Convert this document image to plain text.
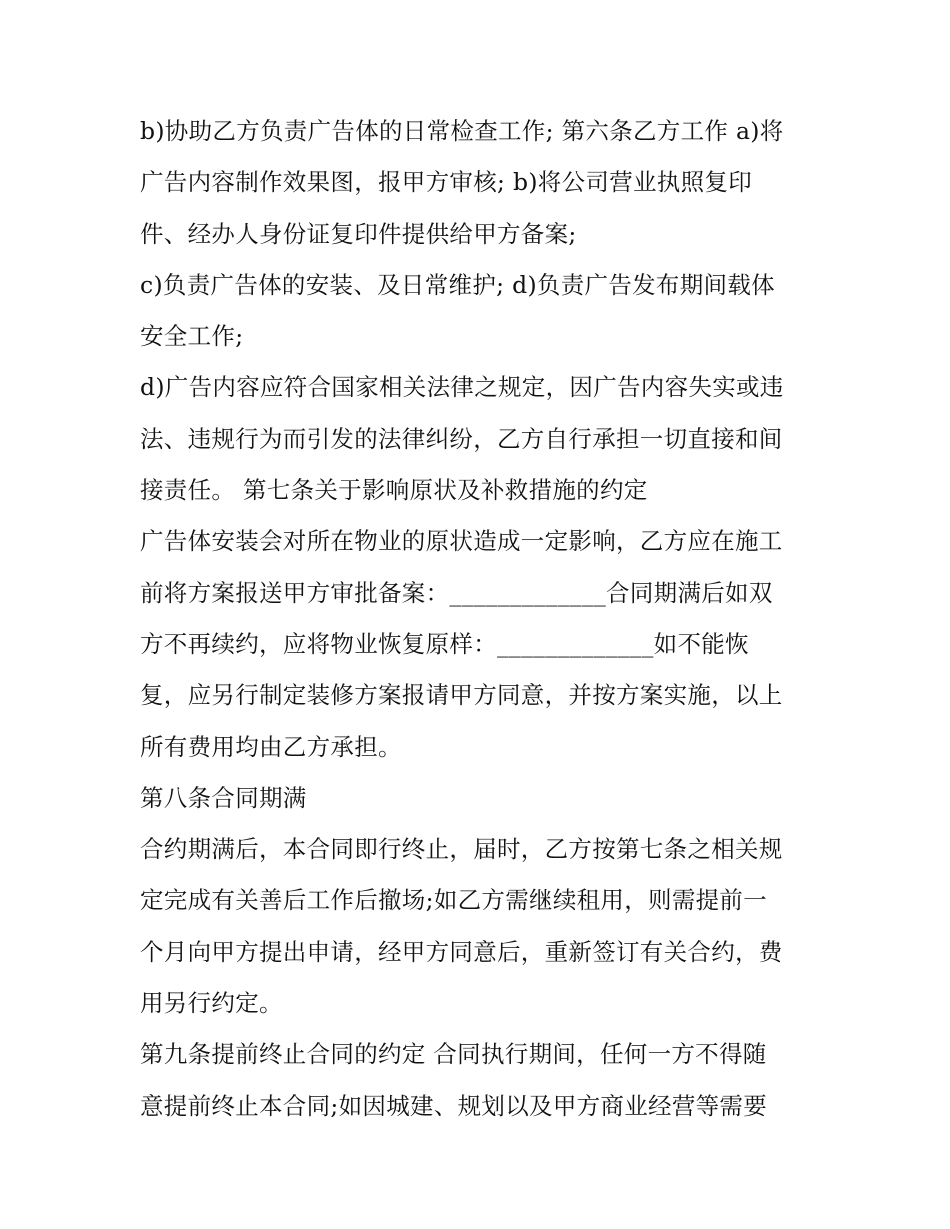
b)协助乙方负责广告体的日常检查工作; 第六条乙方工作 a)将
广告内容制作效果图，报甲方审核; b)将公司营业执照复印
件、经办人身份证复印件提供给甲方备案;
c)负责广告体的安装、及日常维护; d)负责广告发布期间载体
安全工作;
d)广告内容应符合国家相关法律之规定，因广告内容失实或违
法、违规行为而引发的法律纠纷，乙方自行承担一切直接和间
接责任。 第七条关于影响原状及补救措施的约定
广告体安装会对所在物业的原状造成一定影响，乙方应在施工
前将方案报送甲方审批备案：_____________合同期满后如双
方不再续约，应将物业恢复原样：_____________如不能恢
复，应另行制定装修方案报请甲方同意，并按方案实施，以上
所有费用均由乙方承担。
第八条合同期满
合约期满后，本合同即行终止，届时，乙方按第七条之相关规
定完成有关善后工作后撤场;如乙方需继续租用，则需提前一
个月向甲方提出申请，经甲方同意后，重新签订有关合约，费
用另行约定。
第九条提前终止合同的约定 合同执行期间，任何一方不得随
意提前终止本合同;如因城建、规划以及甲方商业经营等需要
